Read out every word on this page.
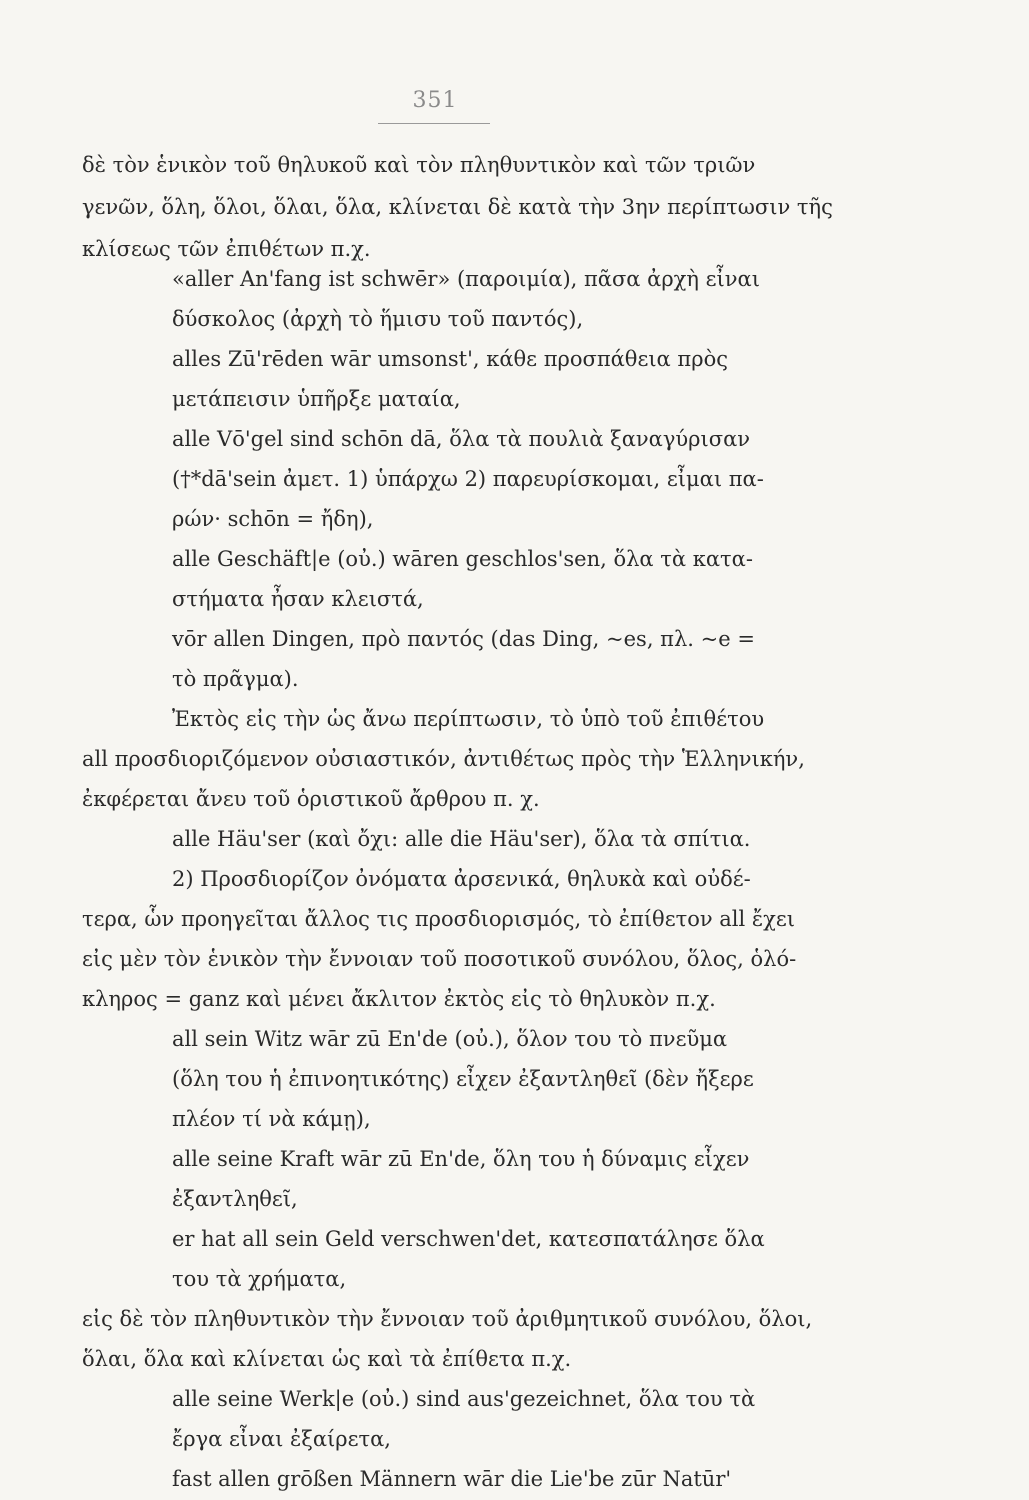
351
δὲ τὸν ἑνικὸν τοῦ θηλυκοῦ καὶ τὸν πληθυντικὸν καὶ τῶν τριῶν
γενῶν, ὅλη, ὅλοι, ὅλαι, ὅλα, κλίνεται δὲ κατὰ τὴν 3ην περίπτωσιν τῆς
κλίσεως τῶν ἐπιθέτων π.χ.
«aller An'fang ist schwēr» (παροιμία), πᾶσα ἀρχὴ εἶναι
δύσκολος (ἀρχὴ τὸ ἥμισυ τοῦ παντός),
alles Zū'rēden wār umsonst', κάθε προσπάθεια πρὸς
μετάπεισιν ὑπῆρξε ματαία,
alle Vō'gel sind schōn dā, ὅλα τὰ πουλιὰ ξαναγύρισαν
(†*dā'sein ἀμετ. 1) ὑπάρχω 2) παρευρίσκομαι, εἶμαι πα-
ρών· schōn = ἤδη),
alle Geschäft|e (οὐ.) wāren geschlos'sen, ὅλα τὰ κατα-
στήματα ἦσαν κλειστά,
vōr allen Dingen, πρὸ παντός (das Ding, ~es, πλ. ~e =
τὸ πρᾶγμα).
Ἐκτὸς εἰς τὴν ὡς ἄνω περίπτωσιν, τὸ ὑπὸ τοῦ ἐπιθέτου
all προσδιοριζόμενον οὐσιαστικόν, ἀντιθέτως πρὸς τὴν Ἑλληνικήν,
ἐκφέρεται ἄνευ τοῦ ὁριστικοῦ ἄρθρου π. χ.
alle Häu'ser (καὶ ὄχι: alle die Häu'ser), ὅλα τὰ σπίτια.
2) Προσδιορίζον ὀνόματα ἀρσενικά, θηλυκὰ καὶ οὐδέ-
τερα, ὧν προηγεῖται ἄλλος τις προσδιορισμός, τὸ ἐπίθετον all ἔχει
εἰς μὲν τὸν ἑνικὸν τὴν ἔννοιαν τοῦ ποσοτικοῦ συνόλου, ὅλος, ὁλό-
κληρος = ganz καὶ μένει ἄκλιτον ἐκτὸς εἰς τὸ θηλυκὸν π.χ.
all sein Witz wār zū En'de (οὐ.), ὅλον του τὸ πνεῦμα
(ὅλη του ἡ ἐπινοητικότης) εἶχεν ἐξαντληθεῖ (δὲν ἤξερε
πλέον τί νὰ κάμῃ),
alle seine Kraft wār zū En'de, ὅλη του ἡ δύναμις εἶχεν
ἐξαντληθεῖ,
er hat all sein Geld verschwen'det, κατεσπατάλησε ὅλα
του τὰ χρήματα,
εἰς δὲ τὸν πληθυντικὸν τὴν ἔννοιαν τοῦ ἀριθμητικοῦ συνόλου, ὅλοι,
ὅλαι, ὅλα καὶ κλίνεται ὡς καὶ τὰ ἐπίθετα π.χ.
alle seine Werk|e (οὐ.) sind aus'gezeichnet, ὅλα του τὰ
ἔργα εἶναι ἐξαίρετα,
fast allen grōßen Männern wār die Lie'be zūr Natūr'
